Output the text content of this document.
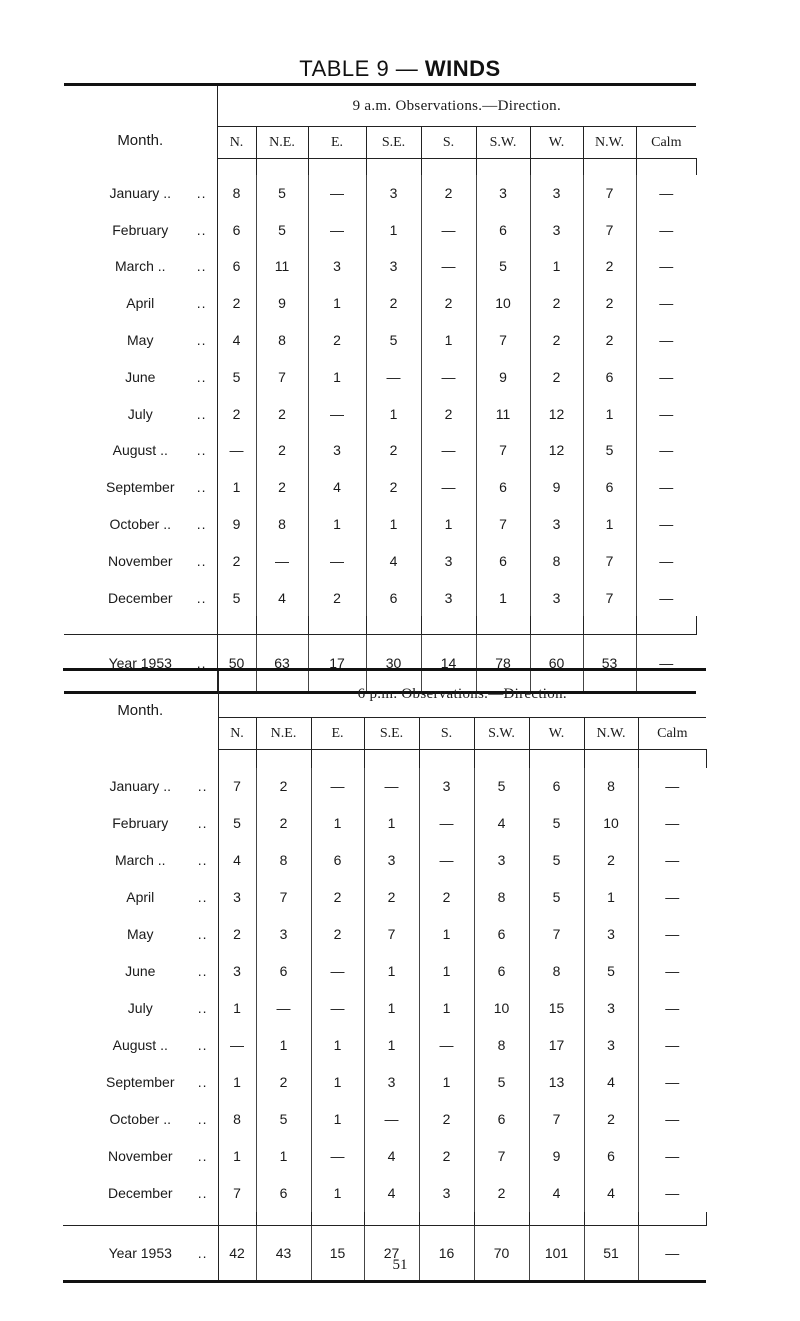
TABLE 9 — WINDS
Month.	9 a.m. Observations.—Direction.								
	N.	N.E.	E.	S.E.	S.	S.W.	W.	N.W.	Calm

January .. ..	8	5	—	3	2	3	3	7	—
February ..	6	5	—	1	—	6	3	7	—
March .. ..	6	11	3	3	—	5	1	2	—
April ..	2	9	1	2	2	10	2	2	—
May ..	4	8	2	5	1	7	2	2	—
June ..	5	7	1	—	—	9	2	6	—
July ..	2	2	—	1	2	11	12	1	—
August .. ..	—	2	3	2	—	7	12	5	—
September ..	1	2	4	2	—	6	9	6	—
October .. ..	9	8	1	1	1	7	3	1	—
November ..	2	—	—	4	3	6	8	7	—
December ..	5	4	2	6	3	1	3	7	—

Year 1953 ..	50	63	17	30	14	78	60	53	—
Month.	6 p.m. Observations.—Direction.								
	N.	N.E.	E.	S.E.	S.	S.W.	W.	N.W.	Calm

January .. ..	7	2	—	—	3	5	6	8	—
February ..	5	2	1	1	—	4	5	10	—
March .. ..	4	8	6	3	—	3	5	2	—
April ..	3	7	2	2	2	8	5	1	—
May ..	2	3	2	7	1	6	7	3	—
June ..	3	6	—	1	1	6	8	5	—
July ..	1	—	—	1	1	10	15	3	—
August .. ..	—	1	1	1	—	8	17	3	—
September ..	1	2	1	3	1	5	13	4	—
October .. ..	8	5	1	—	2	6	7	2	—
November ..	1	1	—	4	2	7	9	6	—
December ..	7	6	1	4	3	2	4	4	—

Year 1953 ..	42	43	15	27	16	70	101	51	—
51
